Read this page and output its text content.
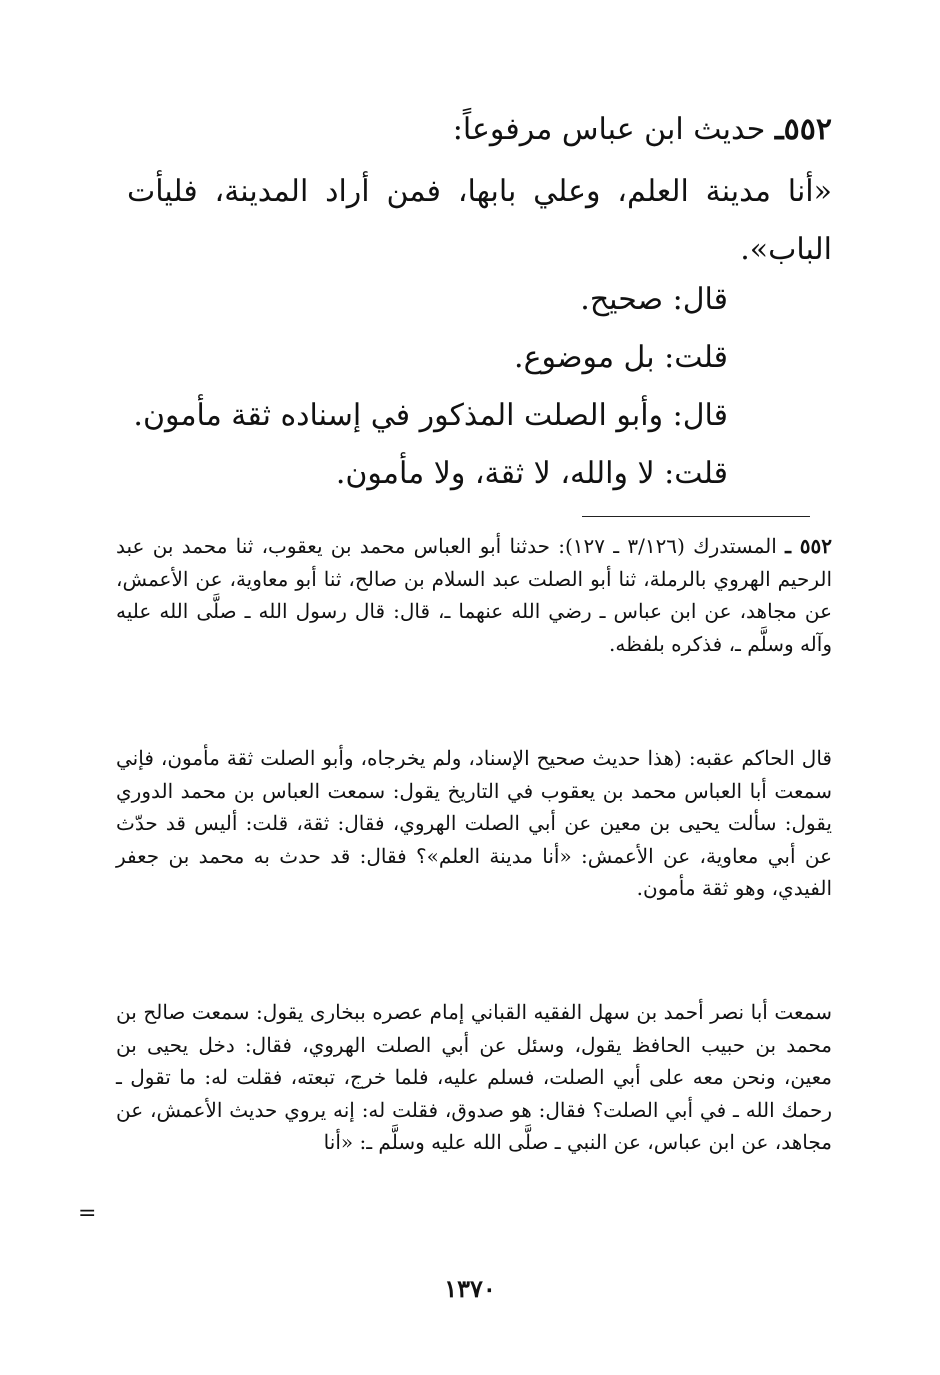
٥٥٢ـ حديث ابن عباس مرفوعاً:
«أنا مدينة العلم، وعلي بابها، فمن أراد المدينة، فليأت الباب».
قال: صحيح.
قلت: بل موضوع.
قال: وأبو الصلت المذكور في إسناده ثقة مأمون.
قلت: لا والله، لا ثقة، ولا مأمون.
٥٥٢ ـ المستدرك (٣/١٢٦ ـ ١٢٧): حدثنا أبو العباس محمد بن يعقوب، ثنا محمد بن عبد الرحيم الهروي بالرملة، ثنا أبو الصلت عبد السلام بن صالح، ثنا أبو معاوية، عن الأعمش، عن مجاهد، عن ابن عباس ـ رضي الله عنهما ـ، قال: قال رسول الله ـ صلَّى الله عليه وآله وسلَّم ـ، فذكره بلفظه.
قال الحاكم عقبه: (هذا حديث صحيح الإسناد، ولم يخرجاه، وأبو الصلت ثقة مأمون، فإني سمعت أبا العباس محمد بن يعقوب في التاريخ يقول: سمعت العباس بن محمد الدوري يقول: سألت يحيى بن معين عن أبي الصلت الهروي، فقال: ثقة، قلت: أليس قد حدّث عن أبي معاوية، عن الأعمش: «أنا مدينة العلم»؟ فقال: قد حدث به محمد بن جعفر الفيدي، وهو ثقة مأمون.
سمعت أبا نصر أحمد بن سهل الفقيه القباني إمام عصره ببخارى يقول: سمعت صالح بن محمد بن حبيب الحافظ يقول، وسئل عن أبي الصلت الهروي، فقال: دخل يحيى بن معين، ونحن معه على أبي الصلت، فسلم عليه، فلما خرج، تبعته، فقلت له: ما تقول ـ رحمك الله ـ في أبي الصلت؟ فقال: هو صدوق، فقلت له: إنه يروي حديث الأعمش، عن مجاهد، عن ابن عباس، عن النبي ـ صلَّى الله عليه وسلَّم ـ: «أنا
=
١٣٧٠
